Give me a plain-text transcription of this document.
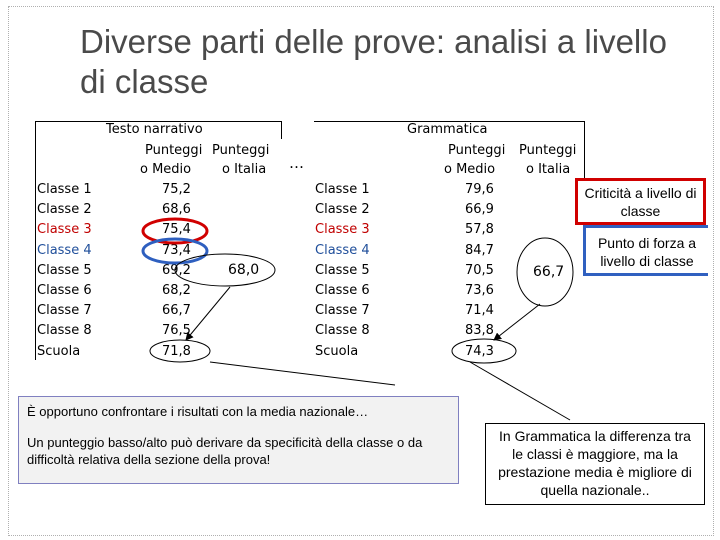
Diverse parti delle prove: analisi a livello di classe
Testo narrativo
Punteggi
o Medio
Punteggi
o Italia …
Classe 1	75,2
Classe 2	68,6
Classe 3	75,4
Classe 4	73,4
Classe 5	69,2
Classe 6	68,2
Classe 7	66,7
Classe 8	76,5
Scuola	71,8
68,0
Grammatica
Punteggi
o Medio
Punteggi
o Italia
Classe 1	79,6
Classe 2	66,9
Classe 3	57,8
Classe 4	84,7
Classe 5	70,5
Classe 6	73,6
Classe 7	71,4
Classe 8	83,8
Scuola	74,3
66,7
Criticità a livello di classe
Punto di forza a livello di classe
È opportuno confrontare i risultati con la media nazionale…
Un punteggio basso/alto può derivare da specificità della classe o da difficoltà relativa della sezione della prova!
In Grammatica la differenza tra le classi è maggiore, ma la prestazione media è migliore di quella nazionale..
